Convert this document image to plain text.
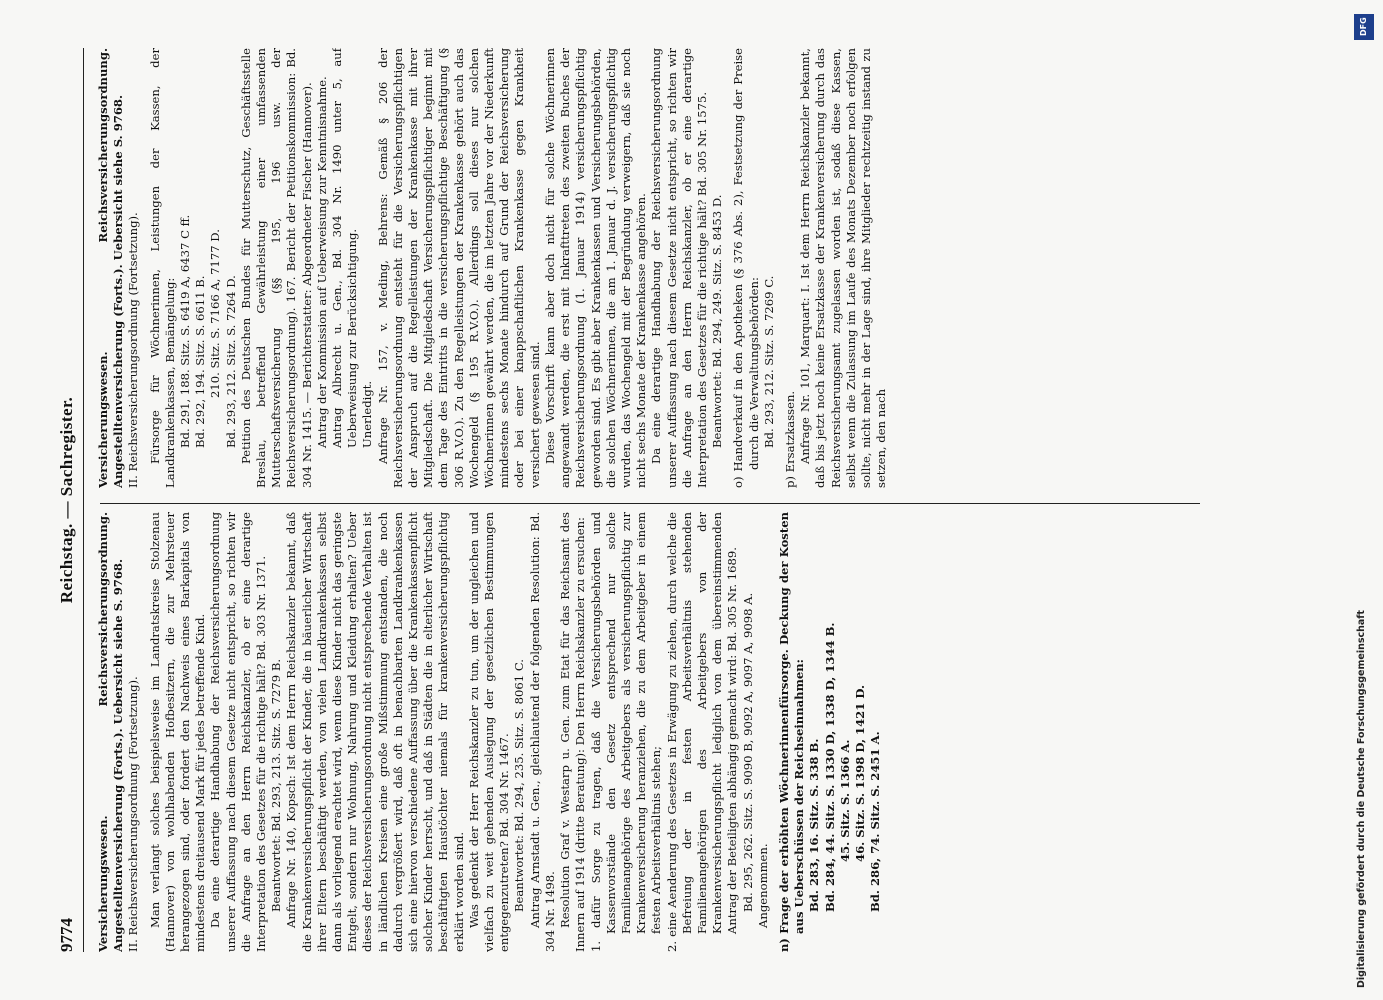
9774
Reichstag. — Sachregister.

Versicherungswesen. Reichsversicherungsordnung. Angestelltenversicherung (Forts.). Uebersicht siehe S. 9768. II. Reichsversicherungsordnung (Fortsetzung). Man verlangt solches beispielsweise im Landratskreise Stolzenau (Hannover) von wohlhabenden Hofbesitzern, die zur Mehrsteuer herangezogen sind, oder fordert den Nachweis eines Barkapitals von mindestens dreitausend Mark für jedes betreffende Kind. Da eine derartige Handhabung der Reichsversicherungsordnung unserer Auffassung nach diesem Gesetze nicht entspricht, so richten wir die Anfrage an den Herrn Reichskanzler, ob er eine derartige Interpretation des Gesetzes für die richtige hält? Bd. 303 Nr. 1371. Beantwortet: Bd. 293, 213. Sitz. S. 7279 B. Anfrage Nr. 140, Kopsch: Ist dem Herrn Reichskanzler bekannt, daß die Krankenversicherungspflicht der Kinder, die in bäuerlicher Wirtschaft ihrer Eltern beschäftigt werden, von vielen Landkrankenkassen selbst dann als vorliegend erachtet wird, wenn diese Kinder nicht das geringste Entgelt, sondern nur Wohnung, Nahrung und Kleidung erhalten? Ueber dieses der Reichsversicherungsordnung nicht entsprechende Verhalten ist in ländlichen Kreisen eine große Mißstimmung entstanden, die noch dadurch vergrößert wird, daß oft in benachbarten Landkrankenkassen sich eine hiervon verschiedene Auffassung über die Krankenkassenpflicht solcher Kinder herrscht, und daß in Städten die in elterlicher Wirtschaft beschäftigten Haustöchter niemals für krankenversicherungspflichtig erklärt worden sind. Was gedenkt der Herr Reichskanzler zu tun, um der ungleichen und vielfach zu weit gehenden Auslegung der gesetzlichen Bestimmungen entgegenzutreten? Bd. 304 Nr. 1467. Beantwortet: Bd. 294, 235. Sitz. S. 8061 C. Antrag Arnstadt u. Gen., gleichlautend der folgenden Resolution: Bd. 304 Nr. 1498. Resolution Graf v. Westarp u. Gen. zum Etat für das Reichsamt des Innern auf 1914 (dritte Beratung): Den Herrn Reichskanzler zu ersuchen: 1. dafür Sorge zu tragen, daß die Versicherungsbehörden und Kassenvorstände den Gesetz entsprechend nur solche Familienangehörige des Arbeitgebers als versicherungspflichtig zur Krankenversicherung heranziehen, die zu dem Arbeitgeber in einem festen Arbeitsverhältnis stehen; 2. eine Aenderung des Gesetzes in Erwägung zu ziehen, durch welche die Befreiung der in festen Arbeitsverhältnis stehenden Familienangehörigen des Arbeitgebers von der Krankenversicherungspflicht lediglich von dem übereinstimmenden Antrag der Beteiligten abhängig gemacht wird: Bd. 305 Nr. 1689. Bd. 295, 262. Sitz. S. 9090 B, 9092 A, 9097 A, 9098 A. Angenommen. n) Frage der erhöhten Wöchnerinnenfürsorge. Deckung der Kosten aus Ueberschüssen der Reichseinnahmen: Bd. 283, 16. Sitz. S. 338 B. Bd. 284, 44. Sitz. S. 1330 D, 1338 D, 1344 B. 45. Sitz. S. 1366 A. 46. Sitz. S. 1398 D, 1421 D. Bd. 286, 74. Sitz. S. 2451 A.

Versicherungswesen. Reichsversicherungsordnung. Angestelltenversicherung (Forts.). Uebersicht siehe S. 9768. II. Reichsversicherungsordnung (Fortsetzung). Fürsorge für Wöchnerinnen, Leistungen der Kassen, der Landkrankenkassen, Bemängelung: Bd. 291, 188. Sitz. S. 6419 A, 6437 C ff. Bd. 292, 194. Sitz. S. 6611 B. 210. Sitz. S. 7166 A, 7177 D. Bd. 293, 212. Sitz. S. 7264 D. Petition des Deutschen Bundes für Mutterschutz, Geschäftsstelle Breslau, betreffend Gewährleistung einer umfassenden Mutterschaftsversicherung (§§ 195, 196 usw. der Reichsversicherungsordnung). 167. Bericht der Petitionskommission: Bd. 304 Nr. 1415. — Berichterstatter: Abgeordneter Fischer (Hannover). Antrag der Kommission auf Ueberweisung zur Kenntnisnahme. Antrag Albrecht u. Gen., Bd. 304 Nr. 1490 unter 5, auf Ueberweisung zur Berücksichtigung. Unerledigt. Anfrage Nr. 157, v. Meding, Behrens: Gemäß § 206 der Reichsversicherungsordnung entsteht für die Versicherungspflichtigen der Anspruch auf die Regelleistungen der Krankenkasse mit ihrer Mitgliedschaft. Die Mitgliedschaft Versicherungspflichtiger beginnt mit dem Tage des Eintritts in die versicherungspflichtige Beschäftigung (§ 306 R.V.O.). Zu den Regelleistungen der Krankenkasse gehört auch das Wochengeld (§ 195 R.V.O.). Allerdings soll dieses nur solchen Wöchnerinnen gewährt werden, die im letzten Jahre vor der Niederkunft mindestens sechs Monate hindurch auf Grund der Reichsversicherung oder bei einer knappschaftlichen Krankenkasse gegen Krankheit versichert gewesen sind. Diese Vorschrift kann aber doch nicht für solche Wöchnerinnen angewandt werden, die erst mit Inkrafttreten des zweiten Buches der Reichsversicherungsordnung (1. Januar 1914) versicherungspflichtig geworden sind. Es gibt aber Krankenkassen und Versicherungsbehörden, die solchen Wöchnerinnen, die am 1. Januar d. J. versicherungspflichtig wurden, das Wochengeld mit der Begründung verweigern, daß sie noch nicht sechs Monate der Krankenkasse angehören. Da eine derartige Handhabung der Reichsversicherungsordnung unserer Auffassung nach diesem Gesetze nicht entspricht, so richten wir die Anfrage an den Herrn Reichskanzler, ob er eine derartige Interpretation des Gesetzes für die richtige hält? Bd. 305 Nr. 1575. Beantwortet: Bd. 294, 249. Sitz. S. 8453 D. o) Handverkauf in den Apotheken (§ 376 Abs. 2), Festsetzung der Preise durch die Verwaltungsbehörden: Bd. 293, 212. Sitz. S. 7269 C. p) Ersatzkassen. Anfrage Nr. 101, Marquart: I. Ist dem Herrn Reichskanzler bekannt, daß bis jetzt noch keine Ersatzkasse der Krankenversicherung durch das Reichsversicherungsamt zugelassen worden ist, sodaß diese Kassen, selbst wenn die Zulassung im Laufe des Monats Dezember noch erfolgen sollte, nicht mehr in der Lage sind, ihre Mitglieder rechtzeitig instand zu setzen, den nach

DFG
Digitalisierung gefördert durch die Deutsche Forschungsgemeinschaft
